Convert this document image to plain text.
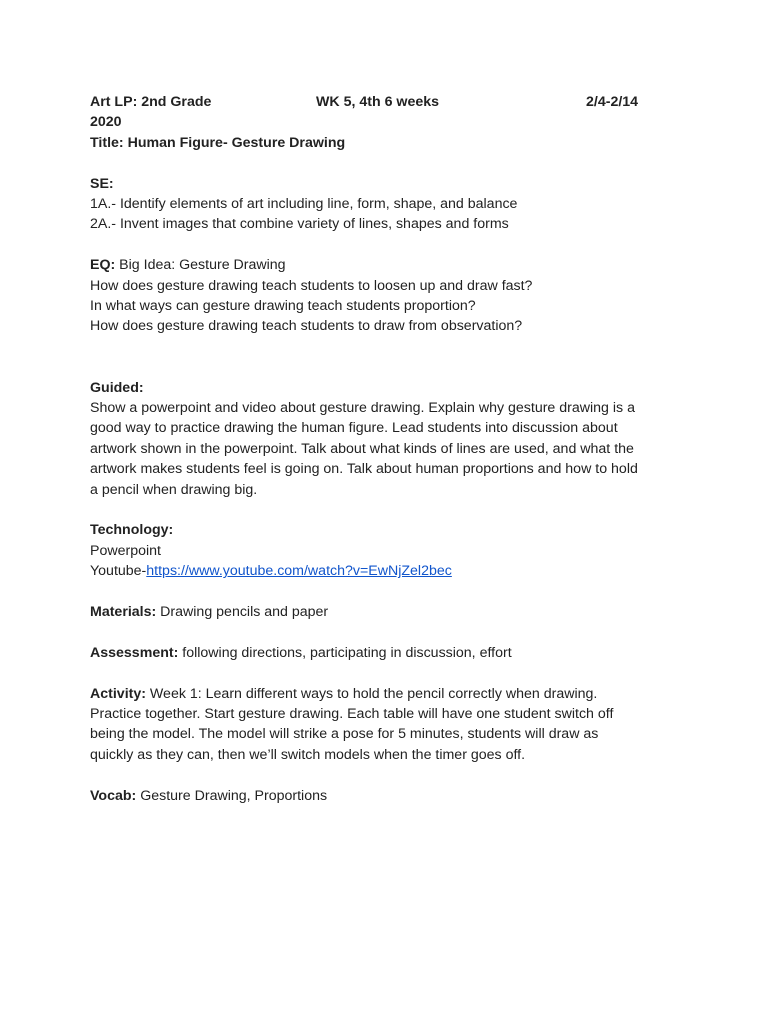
Art LP: 2nd Grade	WK 5, 4th 6 weeks	2/4-2/14
2020
Title: Human Figure- Gesture Drawing
SE:
1A.- Identify elements of art including line, form, shape, and balance
2A.- Invent images that combine variety of lines, shapes and forms
EQ: Big Idea: Gesture Drawing
How does gesture drawing teach students to loosen up and draw fast?
In what ways can gesture drawing teach students proportion?
How does gesture drawing teach students to draw from observation?
Guided:
Show a powerpoint and video about gesture drawing. Explain why gesture drawing is a
good way to practice drawing the human figure. Lead students into discussion about
artwork shown in the powerpoint. Talk about what kinds of lines are used, and what the
artwork makes students feel is going on. Talk about human proportions and how to hold
a pencil when drawing big.
Technology:
Powerpoint
Youtube-https://www.youtube.com/watch?v=EwNjZel2bec
Materials: Drawing pencils and paper
Assessment: following directions, participating in discussion, effort
Activity: Week 1: Learn different ways to hold the pencil correctly when drawing.
Practice together. Start gesture drawing. Each table will have one student switch off
being the model. The model will strike a pose for 5 minutes, students will draw as
quickly as they can, then we’ll switch models when the timer goes off.
Vocab: Gesture Drawing, Proportions
